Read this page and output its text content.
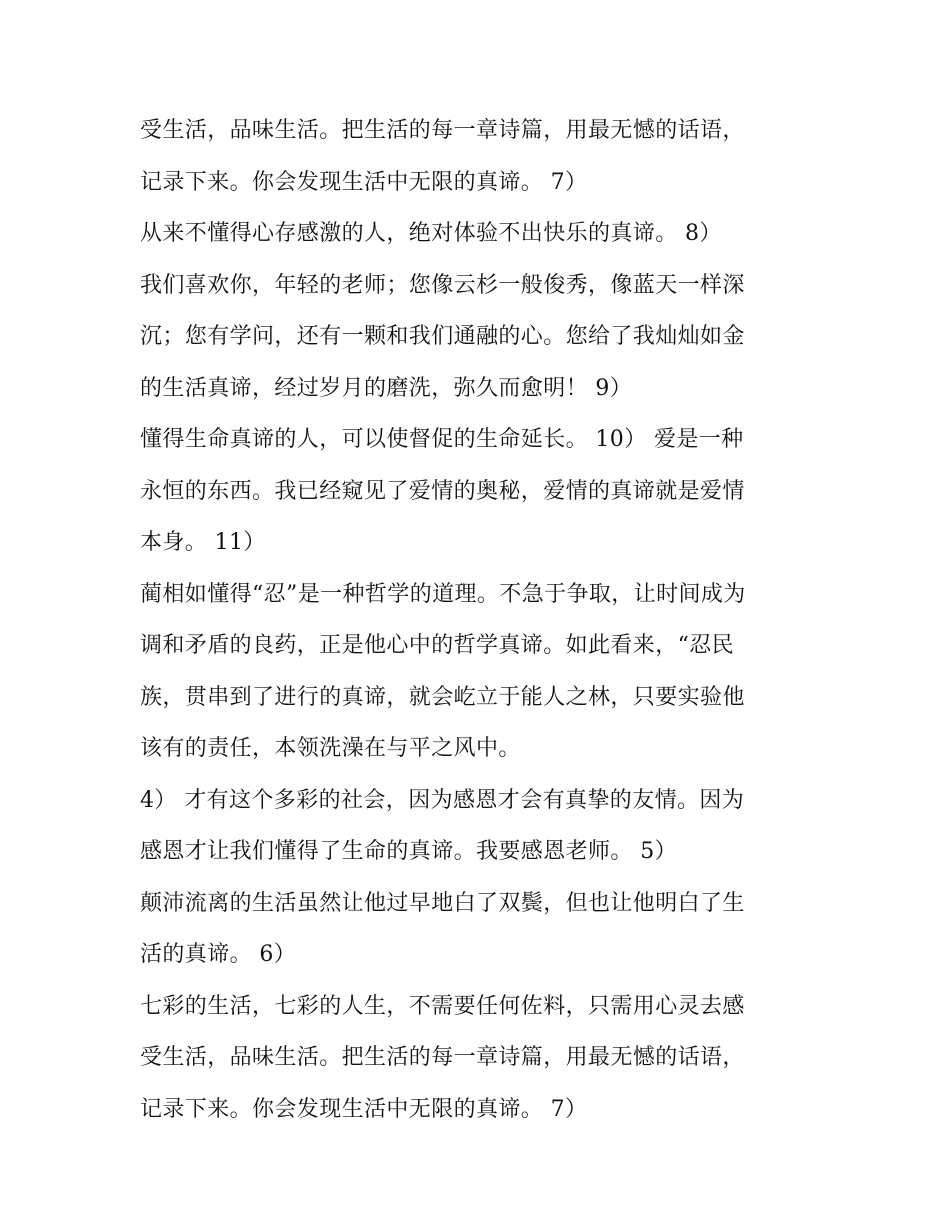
受生活，品味生活。把生活的每一章诗篇，用最无憾的话语，
记录下来。你会发现生活中无限的真谛。 7）
从来不懂得心存感激的人，绝对体验不出快乐的真谛。 8）
我们喜欢你，年轻的老师；您像云杉一般俊秀，像蓝天一样深
沉；您有学问，还有一颗和我们通融的心。您给了我灿灿如金
的生活真谛，经过岁月的磨洗，弥久而愈明！ 9）
懂得生命真谛的人，可以使督促的生命延长。 10） 爱是一种
永恒的东西。我已经窥见了爱情的奥秘，爱情的真谛就是爱情
本身。 11）
蔺相如懂得“忍”是一种哲学的道理。不急于争取，让时间成为
调和矛盾的良药，正是他心中的哲学真谛。如此看来，“忍民
族，贯串到了进行的真谛，就会屹立于能人之林，只要实验他
该有的责任，本领洗澡在与平之风中。
4） 才有这个多彩的社会，因为感恩才会有真挚的友情。因为
感恩才让我们懂得了生命的真谛。我要感恩老师。 5）
颠沛流离的生活虽然让他过早地白了双鬓，但也让他明白了生
活的真谛。 6）
七彩的生活，七彩的人生，不需要任何佐料，只需用心灵去感
受生活，品味生活。把生活的每一章诗篇，用最无憾的话语，
记录下来。你会发现生活中无限的真谛。 7）
